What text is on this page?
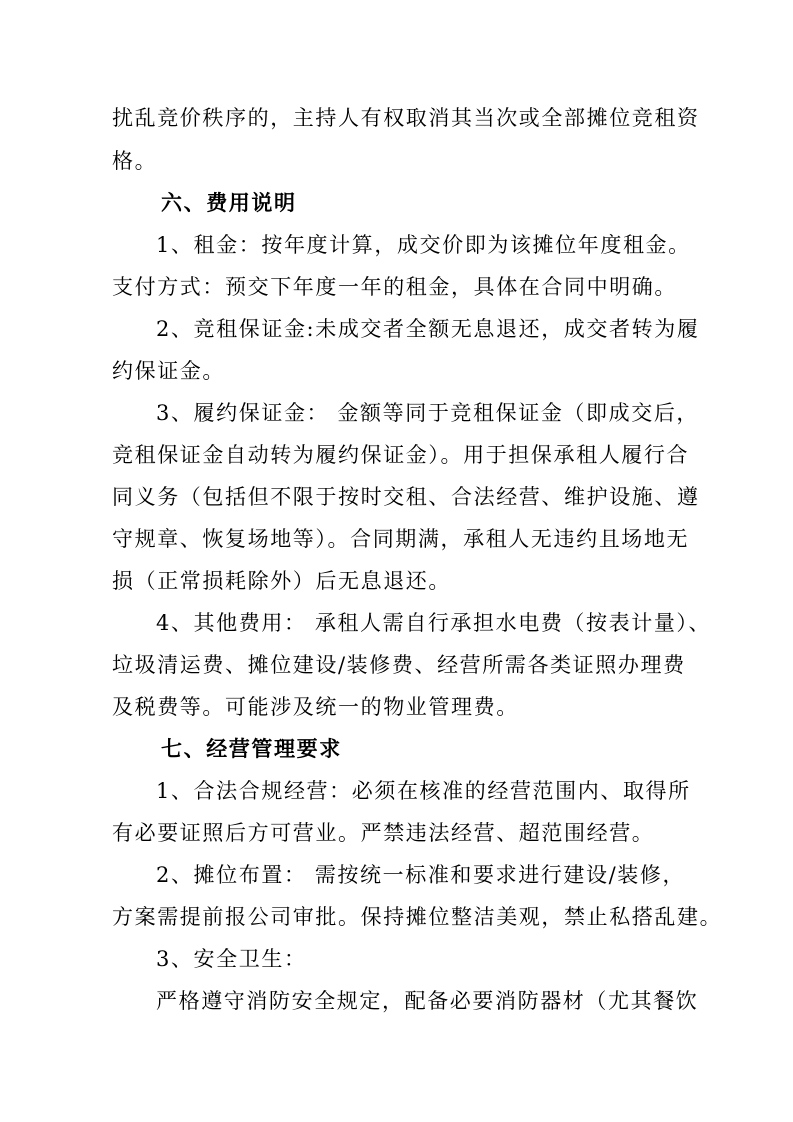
扰乱竞价秩序的，主持人有权取消其当次或全部摊位竞租资
格。
六、费用说明
1、租金：按年度计算，成交价即为该摊位年度租金。
支付方式：预交下年度一年的租金，具体在合同中明确。
2、竞租保证金:未成交者全额无息退还，成交者转为履
约保证金。
3、履约保证金： 金额等同于竞租保证金（即成交后，
竞租保证金自动转为履约保证金）。用于担保承租人履行合
同义务（包括但不限于按时交租、合法经营、维护设施、遵
守规章、恢复场地等）。合同期满，承租人无违约且场地无
损（正常损耗除外）后无息退还。
4、其他费用： 承租人需自行承担水电费（按表计量）、
垃圾清运费、摊位建设/装修费、经营所需各类证照办理费
及税费等。可能涉及统一的物业管理费。
七、经营管理要求
1、合法合规经营：必须在核准的经营范围内、取得所
有必要证照后方可营业。严禁违法经营、超范围经营。
2、摊位布置： 需按统一标准和要求进行建设/装修，
方案需提前报公司审批。保持摊位整洁美观，禁止私搭乱建。
3、安全卫生：
严格遵守消防安全规定，配备必要消防器材（尤其餐饮
